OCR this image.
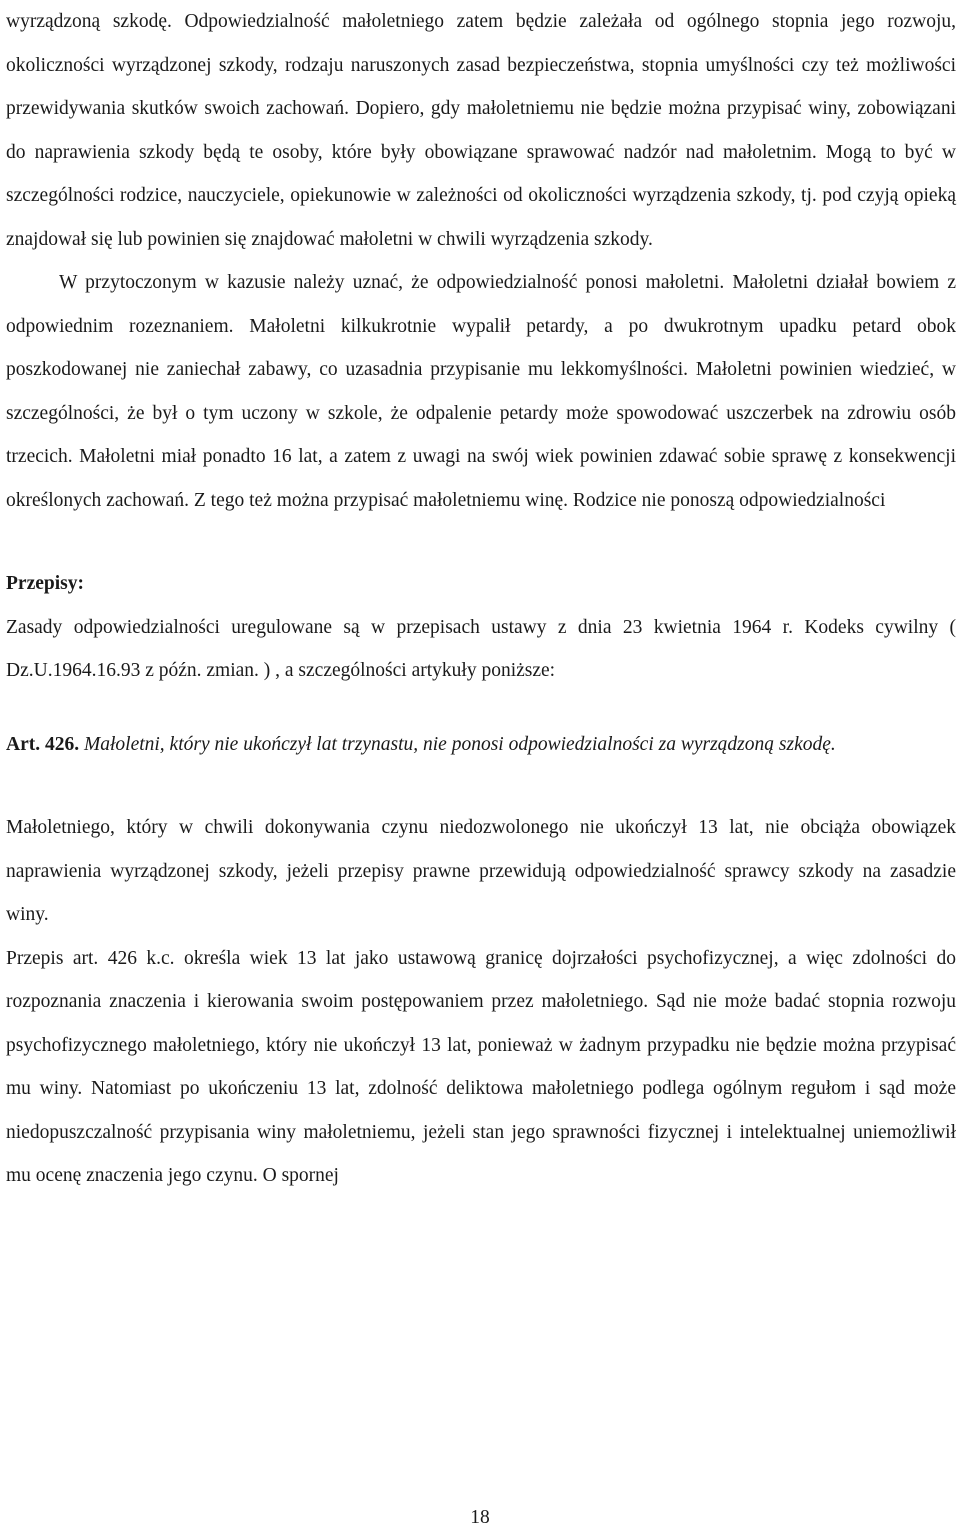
wyrządzoną szkodę. Odpowiedzialność małoletniego zatem będzie zależała od ogólnego stopnia jego rozwoju, okoliczności wyrządzonej szkody, rodzaju naruszonych zasad bezpieczeństwa, stopnia umyślności czy też możliwości przewidywania skutków swoich zachowań. Dopiero, gdy małoletniemu nie będzie można przypisać winy, zobowiązani do naprawienia szkody będą te osoby, które były obowiązane sprawować nadzór nad małoletnim. Mogą to być w szczególności rodzice, nauczyciele, opiekunowie w zależności od okoliczności wyrządzenia szkody, tj. pod czyją opieką znajdował się lub powinien się znajdować małoletni w chwili wyrządzenia szkody.

W przytoczonym w kazusie należy uznać, że odpowiedzialność ponosi małoletni. Małoletni działał bowiem z odpowiednim rozeznaniem. Małoletni kilkukrotnie wypalił petardy, a po dwukrotnym upadku petard obok poszkodowanej nie zaniechał zabawy, co uzasadnia przypisanie mu lekkomyślności. Małoletni powinien wiedzieć, w szczególności, że był o tym uczony w szkole, że odpalenie petardy może spowodować uszczerbek na zdrowiu osób trzecich. Małoletni miał ponadto 16 lat, a zatem z uwagi na swój wiek powinien zdawać sobie sprawę z konsekwencji określonych zachowań. Z tego też można przypisać małoletniemu winę. Rodzice nie ponoszą odpowiedzialności

Przepisy:

Zasady odpowiedzialności uregulowane są w przepisach ustawy z dnia 23 kwietnia 1964 r. Kodeks cywilny ( Dz.U.1964.16.93 z późn. zmian. ) , a szczególności artykuły poniższe:

Art. 426. Małoletni, który nie ukończył lat trzynastu, nie ponosi odpowiedzialności za wyrządzoną szkodę.

Małoletniego, który w chwili dokonywania czynu niedozwolonego nie ukończył 13 lat, nie obciąża obowiązek naprawienia wyrządzonej szkody, jeżeli przepisy prawne przewidują odpowiedzialność sprawcy szkody na zasadzie winy.

Przepis art. 426 k.c. określa wiek 13 lat jako ustawową granicę dojrzałości psychofizycznej, a więc zdolności do rozpoznania znaczenia i kierowania swoim postępowaniem przez małoletniego. Sąd nie może badać stopnia rozwoju psychofizycznego małoletniego, który nie ukończył 13 lat, ponieważ w żadnym przypadku nie będzie można przypisać mu winy. Natomiast po ukończeniu 13 lat, zdolność deliktowa małoletniego podlega ogólnym regułom i sąd może niedopuszczalność przypisania winy małoletniemu, jeżeli stan jego sprawności fizycznej i intelektualnej uniemożliwił mu ocenę znaczenia jego czynu. O spornej

18
